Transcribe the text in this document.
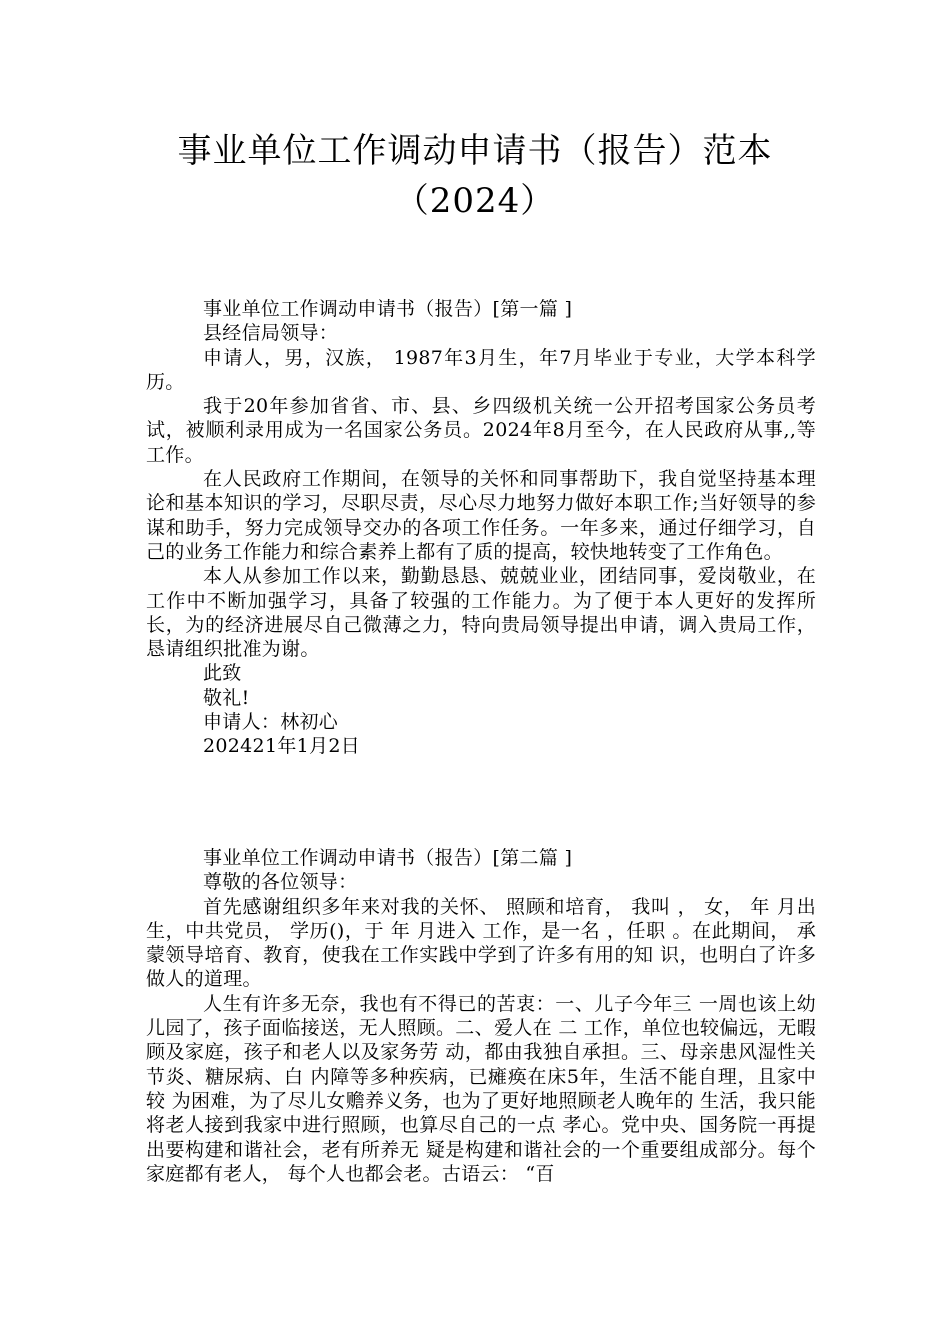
事业单位工作调动申请书（报告）范本
（2024）

事业单位工作调动申请书（报告）[第一篇 ]

县经信局领导：

申请人，男，汉族， 1987年3月生，年7月毕业于专业，大学本科学历。

我于20年参加省省、市、县、乡四级机关统一公开招考国家公务员考试，被顺利录用成为一名国家公务员。2024年8月至今，在人民政府从事,,等工作。

在人民政府工作期间，在领导的关怀和同事帮助下，我自觉坚持基本理论和基本知识的学习，尽职尽责，尽心尽力地努力做好本职工作;当好领导的参谋和助手，努力完成领导交办的各项工作任务。一年多来，通过仔细学习，自己的业务工作能力和综合素养上都有了质的提高，较快地转变了工作角色。

本人从参加工作以来，勤勤恳恳、兢兢业业，团结同事，爱岗敬业，在工作中不断加强学习，具备了较强的工作能力。为了便于本人更好的发挥所长，为的经济进展尽自己微薄之力，特向贵局领导提出申请，调入贵局工作，恳请组织批准为谢。

此致

敬礼!

申请人：林初心

202421年1月2日

事业单位工作调动申请书（报告）[第二篇 ]

尊敬的各位领导：

首先感谢组织多年来对我的关怀、 照顾和培育， 我叫 ， 女， 年 月出生，中共党员， 学历()，于 年 月进入 工作，是一名 ，任职 。在此期间， 承蒙领导培育、教育，使我在工作实践中学到了许多有用的知 识，也明白了许多做人的道理。

人生有许多无奈，我也有不得已的苦衷：一、儿子今年三 一周也该上幼儿园了，孩子面临接送，无人照顾。二、爱人在 二 工作，单位也较偏远，无暇顾及家庭，孩子和老人以及家务劳 动，都由我独自承担。三、母亲患风湿性关节炎、糖尿病、白 内障等多种疾病，已瘫痪在床5年，生活不能自理，且家中较 为困难，为了尽儿女赡养义务，也为了更好地照顾老人晚年的 生活，我只能将老人接到我家中进行照顾，也算尽自己的一点 孝心。党中央、国务院一再提出要构建和谐社会，老有所养无 疑是构建和谐社会的一个重要组成部分。每个家庭都有老人， 每个人也都会老。古语云： “百
